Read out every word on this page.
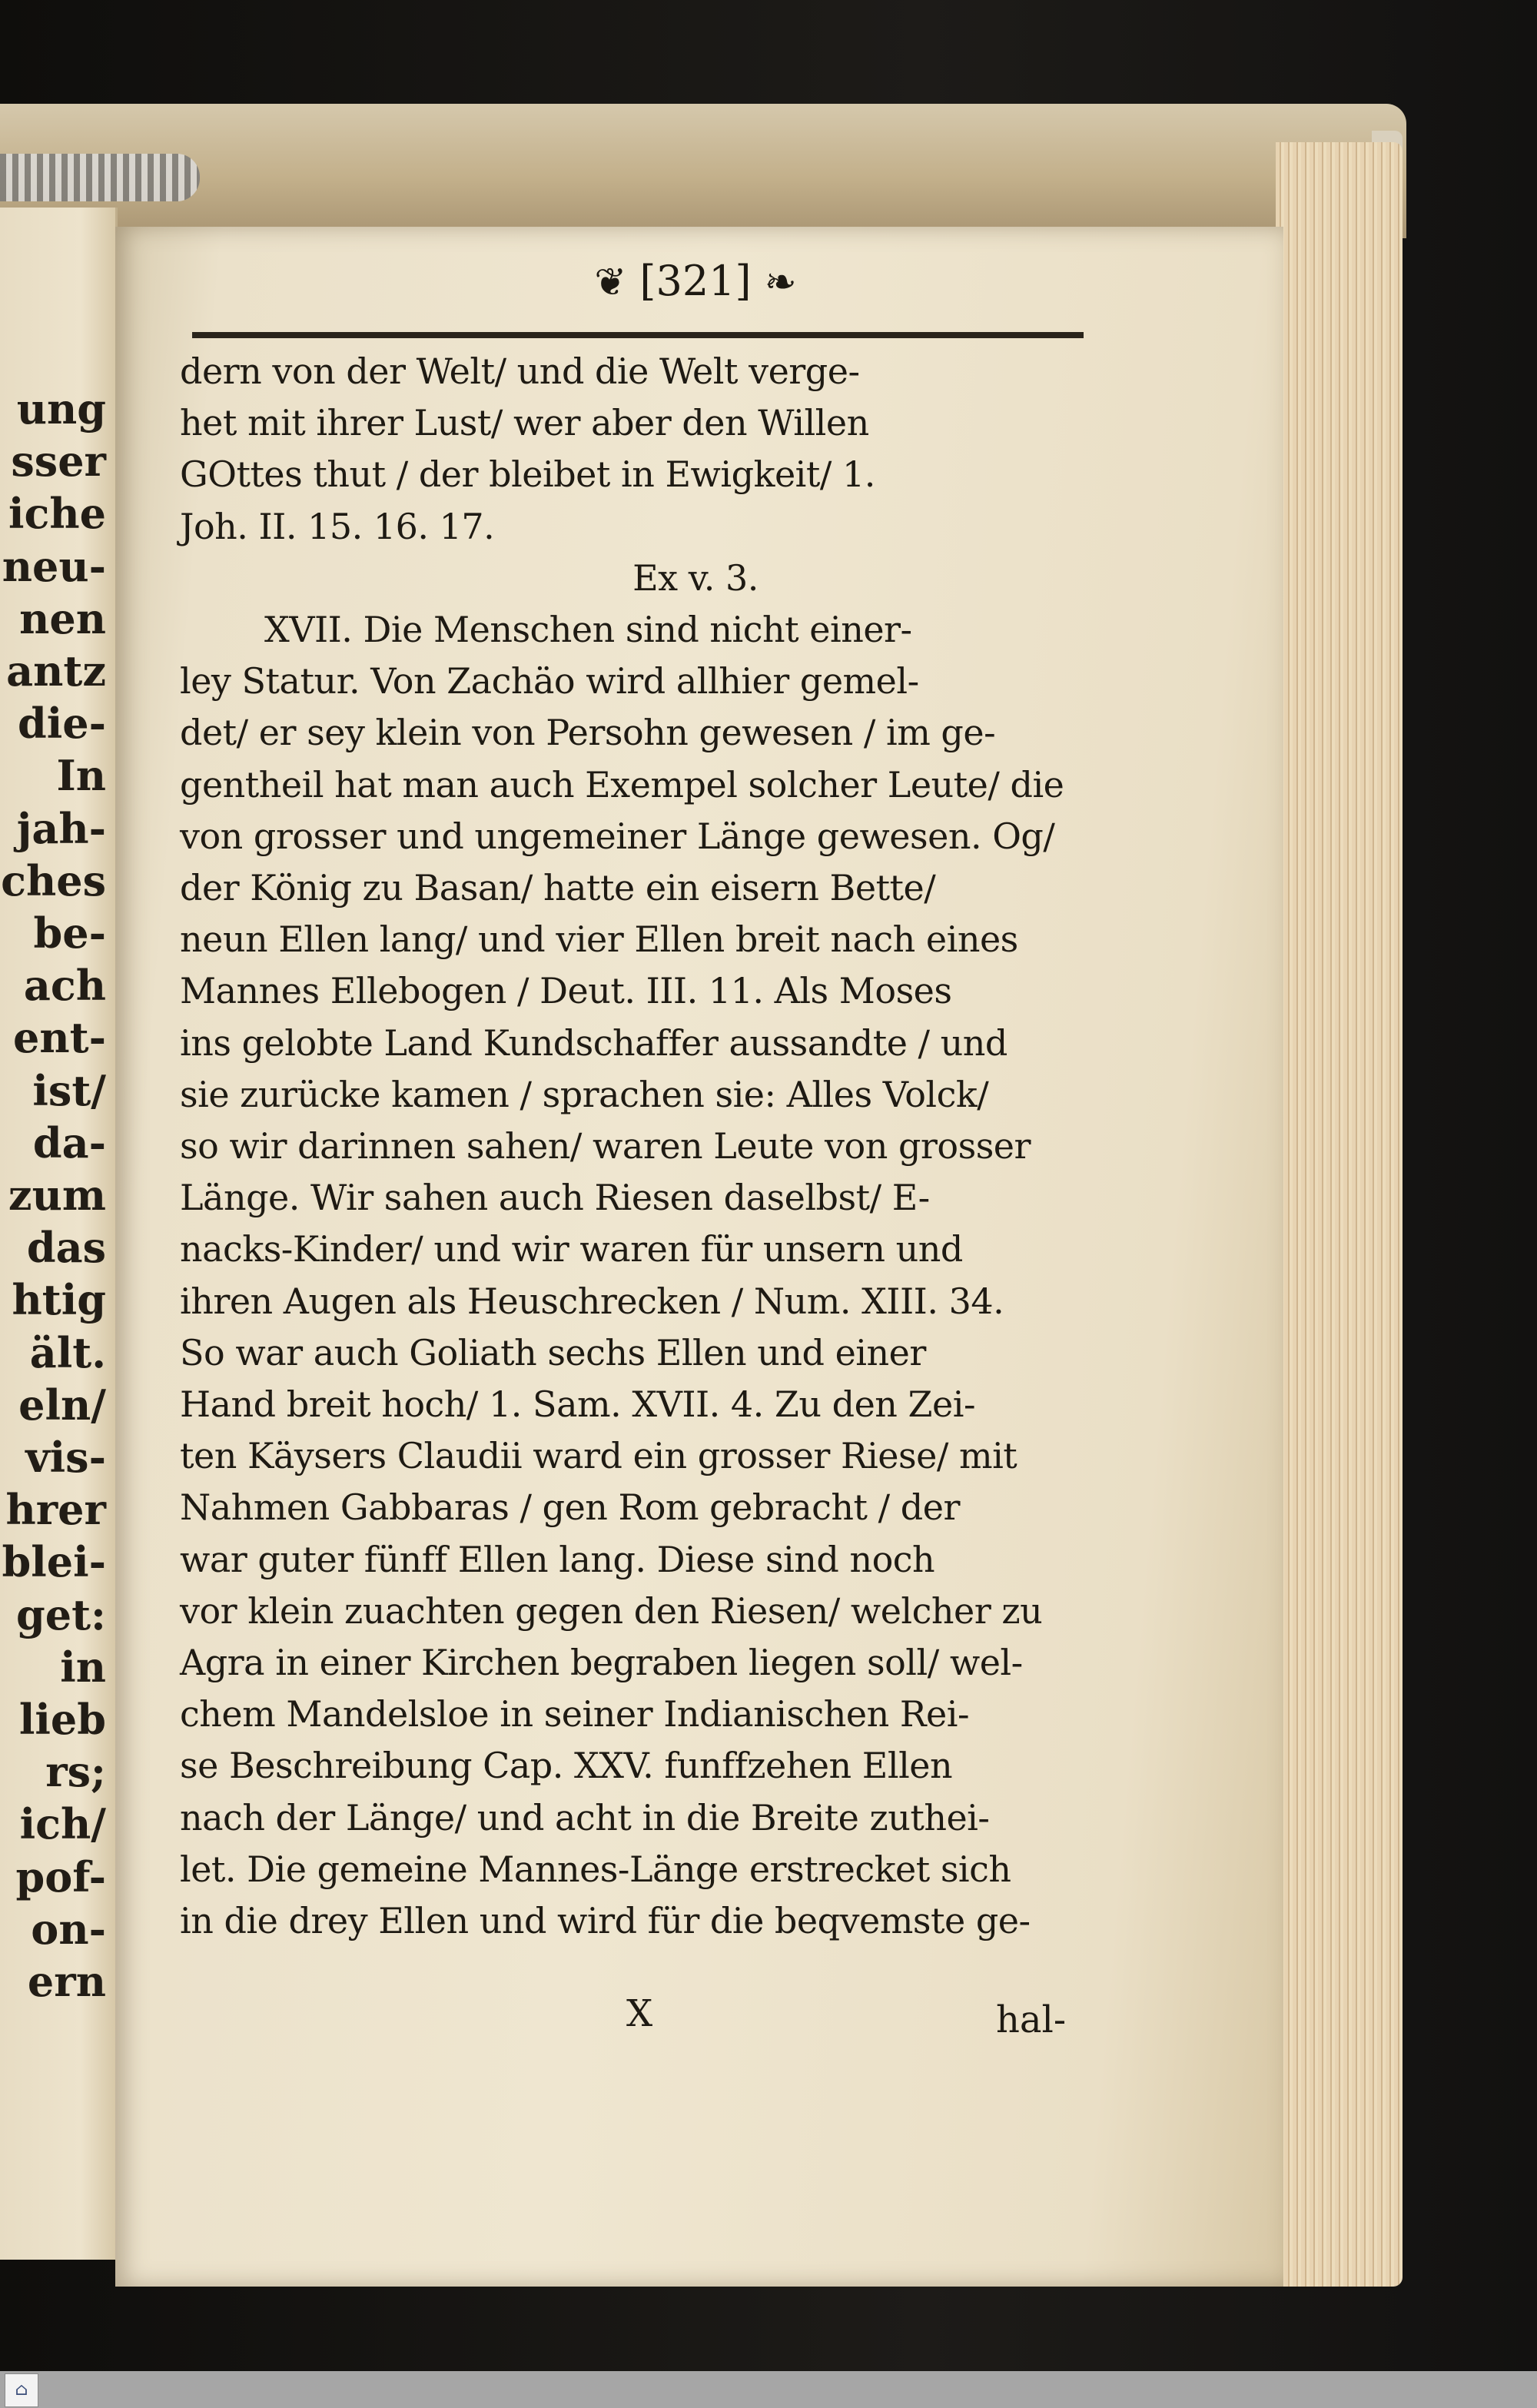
ung
sser
iche
neu-
nen
antz
die-
In
jah-
ches
be-
ach
ent-
ist/
da-
zum
das
htig
ält.
eln/
vis-
hrer
blei-
get:
in
lieb
rs;
ich/
pof-
on-
ern
❦ [321] ❧
dern von der Welt/ und die Welt verge-
het mit ihrer Lust/ wer aber den Willen
GOttes thut / der bleibet in Ewigkeit/ 1.
Joh. II. 15. 16. 17.
Ex v. 3.
XVII. Die Menschen sind nicht einer-
ley Statur. Von Zachäo wird allhier gemel-
det/ er sey klein von Persohn gewesen / im ge-
gentheil hat man auch Exempel solcher Leute/ die
von grosser und ungemeiner Länge gewesen. Og/
der König zu Basan/ hatte ein eisern Bette/
neun Ellen lang/ und vier Ellen breit nach eines
Mannes Ellebogen / Deut. III. 11. Als Moses
ins gelobte Land Kundschaffer aussandte / und
sie zurücke kamen / sprachen sie: Alles Volck/
so wir darinnen sahen/ waren Leute von grosser
Länge. Wir sahen auch Riesen daselbst/ E-
nacks-Kinder/ und wir waren für unsern und
ihren Augen als Heuschrecken / Num. XIII. 34.
So war auch Goliath sechs Ellen und einer
Hand breit hoch/ 1. Sam. XVII. 4. Zu den Zei-
ten Käysers Claudii ward ein grosser Riese/ mit
Nahmen Gabbaras / gen Rom gebracht / der
war guter fünff Ellen lang. Diese sind noch
vor klein zuachten gegen den Riesen/ welcher zu
Agra in einer Kirchen begraben liegen soll/ wel-
chem Mandelsloe in seiner Indianischen Rei-
se Beschreibung Cap. XXV. funffzehen Ellen
nach der Länge/ und acht in die Breite zuthei-
let. Die gemeine Mannes-Länge erstrecket sich
in die drey Ellen und wird für die beqvemste ge-
X	hal-
⌂
